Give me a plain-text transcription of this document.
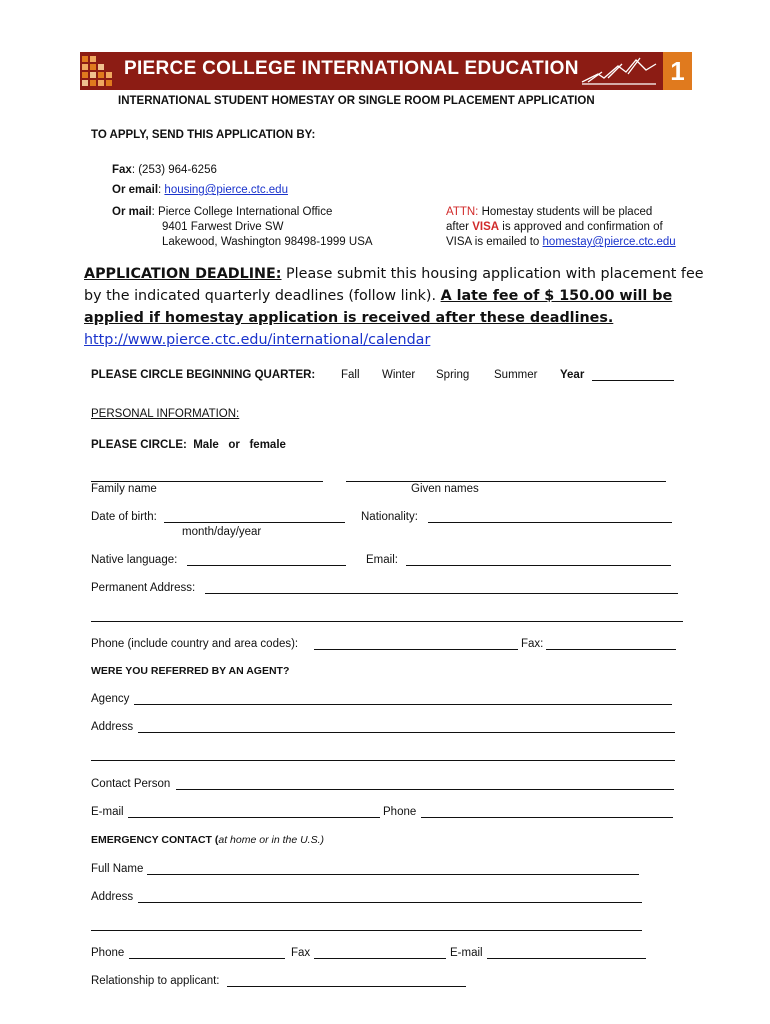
PIERCE COLLEGE INTERNATIONAL EDUCATION	1
INTERNATIONAL STUDENT HOMESTAY OR SINGLE ROOM PLACEMENT APPLICATION
TO APPLY, SEND THIS APPLICATION BY:
Fax: (253) 964-6256
Or email: housing@pierce.ctc.edu
Or mail: Pierce College International Office
9401 Farwest Drive SW
Lakewood, Washington 98498-1999 USA
ATTN: Homestay students will be placed
after VISA is approved and confirmation of
VISA is emailed to homestay@pierce.ctc.edu
APPLICATION DEADLINE: Please submit this housing application with placement fee
by the indicated quarterly deadlines (follow link). A late fee of $ 150.00 will be
applied if homestay application is received after these deadlines.
http://www.pierce.ctc.edu/international/calendar
PLEASE CIRCLE BEGINNING QUARTER: Fall Winter Spring Summer Year
PERSONAL INFORMATION:
PLEASE CIRCLE:  Male   or   female
Family name	Given names
Date of birth:
month/day/year
Nationality:
Native language:	Email:
Permanent Address:
Phone (include country and area codes):	Fax:
WERE YOU REFERRED BY AN AGENT?
Agency
Address
Contact Person
E-mail	Phone
EMERGENCY CONTACT (at home or in the U.S.)
Full Name
Address
Phone	Fax	E-mail
Relationship to applicant:
